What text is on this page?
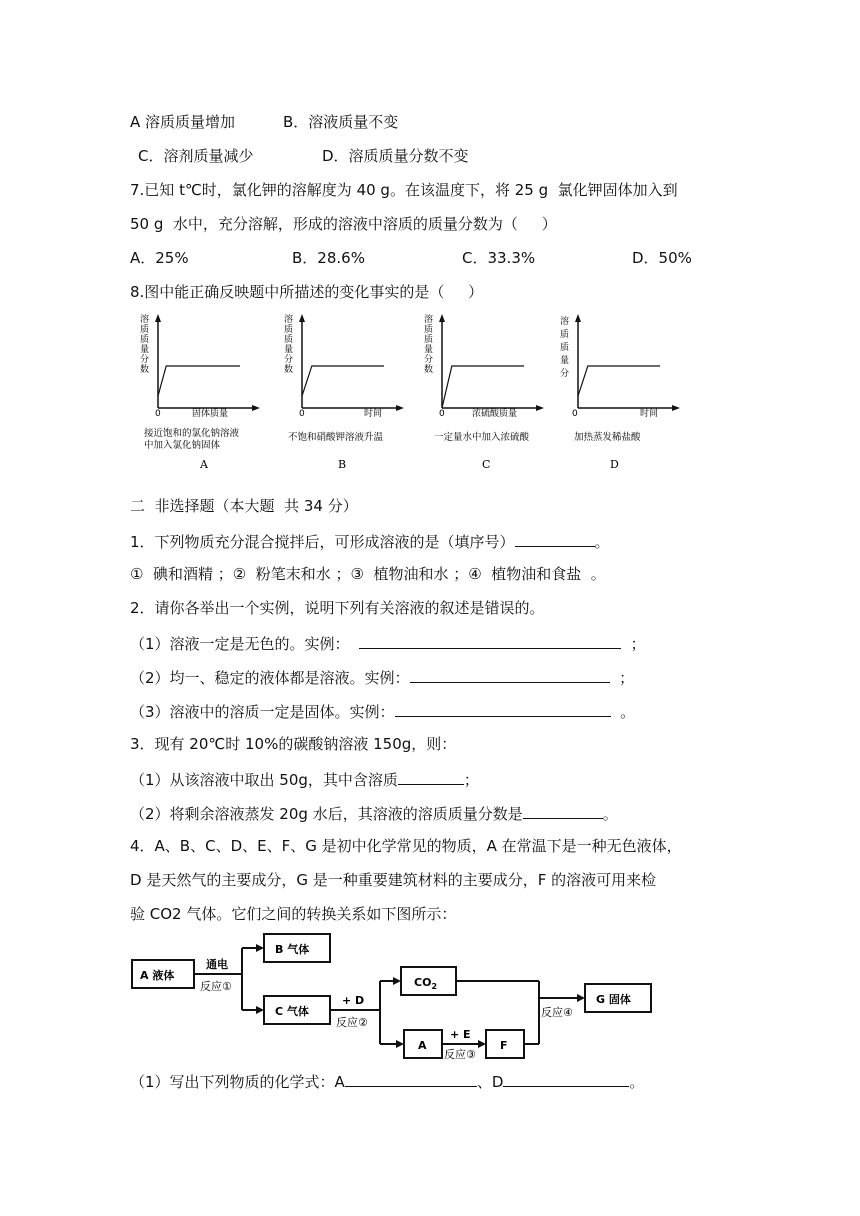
A 溶质质量增加	B．溶液质量不变
C．溶剂质量减少	D．溶质质量分数不变
7.已知 t℃时，氯化钾的溶解度为 40 g。在该温度下，将 25 g  氯化钾固体加入到
50 g  水中，充分溶解，形成的溶液中溶质的质量分数为（     ）
A．25%	B．28.6%	C．33.3%	D．50%
8.图中能正确反映题中所描述的变化事实的是（     ）
溶质质量分数
0	固体质量
接近饱和的氯化钠溶液
中加入氯化钠固体
A
溶质质量分数
0	时间
不饱和硝酸钾溶液升温
B
溶质质量分数
0	浓硫酸质量
一定量水中加入浓硫酸
C
溶质质量分
0	时间
加热蒸发稀盐酸
D
二  非选择题（本大题  共 34 分）
1．下列物质充分混合搅拌后，可形成溶液的是（填序号）	。
①  碘和酒精 ；②  粉笔末和水 ；③  植物油和水 ；④  植物油和食盐  。
2．请你各举出一个实例，说明下列有关溶液的叙述是错误的。
（1）溶液一定是无色的。实例：	；
（2）均一、稳定的液体都是溶液。实例：	；
（3）溶液中的溶质一定是固体。实例：	。
3．现有 20℃时 10%的碳酸钠溶液 150g，则：
（1）从该溶液中取出 50g，其中含溶质	；
（2）将剩余溶液蒸发 20g 水后，其溶液的溶质质量分数是	。
4．A、B、C、D、E、F、G 是初中化学常见的物质，A 在常温下是一种无色液体，
D 是天然气的主要成分，G 是一种重要建筑材料的主要成分，F 的溶液可用来检
验 CO2 气体。它们之间的转换关系如下图所示：
A 液体
B 气体
C 气体
$CO_2$
A	F
G 固体
通电
反应①
+ D
反应②
+ E
反应③
反应④
（1）写出下列物质的化学式：A	、D	。
